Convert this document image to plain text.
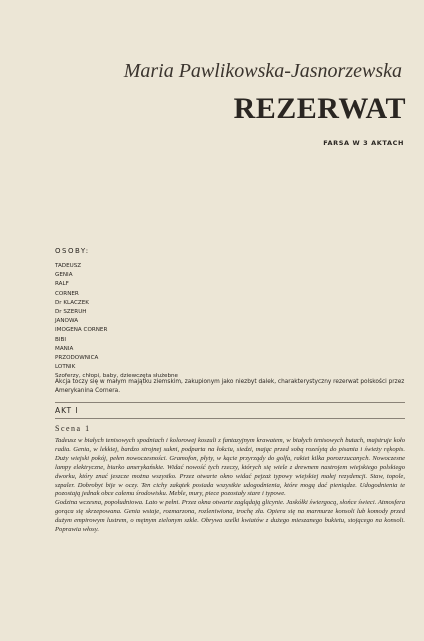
Maria Pawlikowska-Jasnorzewska
REZERWAT
FARSA W 3 AKTACH
OSOBY:
TADEUSZ
GENIA
RALF
CORNER
Dr KLACZEK
Dr SZERUH
JANOWA
IMOGENA CORNER
BIBI
MANIA
PRZODOWNICA
LOTNIK
Szoferzy, chłopi, baby, dziewczęta służebne
Akcja toczy się w małym majątku ziemskim, zakupionym jako niezbyt dalek, charakterystyczny rezerwat polskości przez Amerykanina Cornera.
AKT I
Scena 1

Tadeusz w białych tenisowych spodniach i kolorowej koszuli z fantazyjnym krawatem, w białych tenisowych butach, majstruje koło radia. Genia, w lekkiej, bardzo strojnej sukni, podparta na łokciu, siedzi, mając przed sobą roześytą do pisania i świeży rękopis. Duży wiejski pokój, pełen nowoczesności. Gramofon, płyty, w kącie przyrządy do golfa, rakiet kilka porozrzucanych. Nowoczesne lampy elektryczne, biurko amerykańskie. Widać nowość tych rzeczy, których się wiele z drewnem nastrojem wiejskiego polskiego dworku, który znać jeszcze można wszystko. Przez otwarte okno widać pejzaż typowy wiejskiej małej rezydencji. Staw, topole, szpaler. Dobrobyt bije w oczy. Ten cichy zakątek posiada wszystkie udogodnienia, które mogą dać pieniądze. Udogodnienia te pozostają jednak obce całemu środowisku. Meble, mury, piece pozostały stare i typowe.

Godzina wczesna, popołudniowa. Lato w pełni. Przez okna otwarte zaglądają glicynie. Jaskółki świergocą, słońce świeci. Atmosfera gorąca się skrzepowana. Genia wstaje, rozmarzona, rozleniwiona, trochę zła. Opiera się na marmurze konsoli lub komody przed dużym empirowym lustrem, o mętnym zielonym szkle. Obrywa szelki kwiatów z dużego mieszanego bukietu, stojącego na konsoli. Poprawia włosy.
